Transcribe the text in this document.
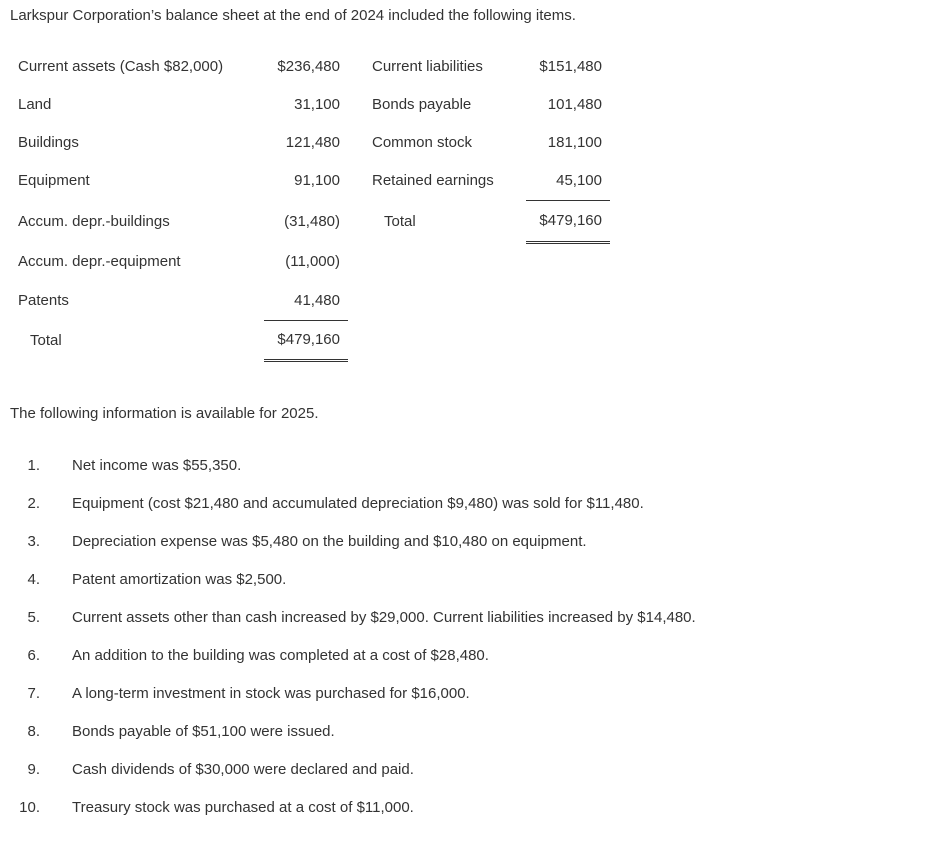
Larkspur Corporation’s balance sheet at the end of 2024 included the following items.

Current assets (Cash $82,000)	$236,480		Current liabilities	$151,480
Land	31,100		Bonds payable	101,480
Buildings	121,480		Common stock	181,100
Equipment	91,100		Retained earnings	45,100
Accum. depr.-buildings	(31,480)		Total	$479,160
Accum. depr.-equipment	(11,000)			
Patents	41,480			
Total	$479,160			

The following information is available for 2025.

1.	Net income was $55,350.
2.	Equipment (cost $21,480 and accumulated depreciation $9,480) was sold for $11,480.
3.	Depreciation expense was $5,480 on the building and $10,480 on equipment.
4.	Patent amortization was $2,500.
5.	Current assets other than cash increased by $29,000. Current liabilities increased by $14,480.
6.	An addition to the building was completed at a cost of $28,480.
7.	A long-term investment in stock was purchased for $16,000.
8.	Bonds payable of $51,100 were issued.
9.	Cash dividends of $30,000 were declared and paid.
10.	Treasury stock was purchased at a cost of $11,000.
